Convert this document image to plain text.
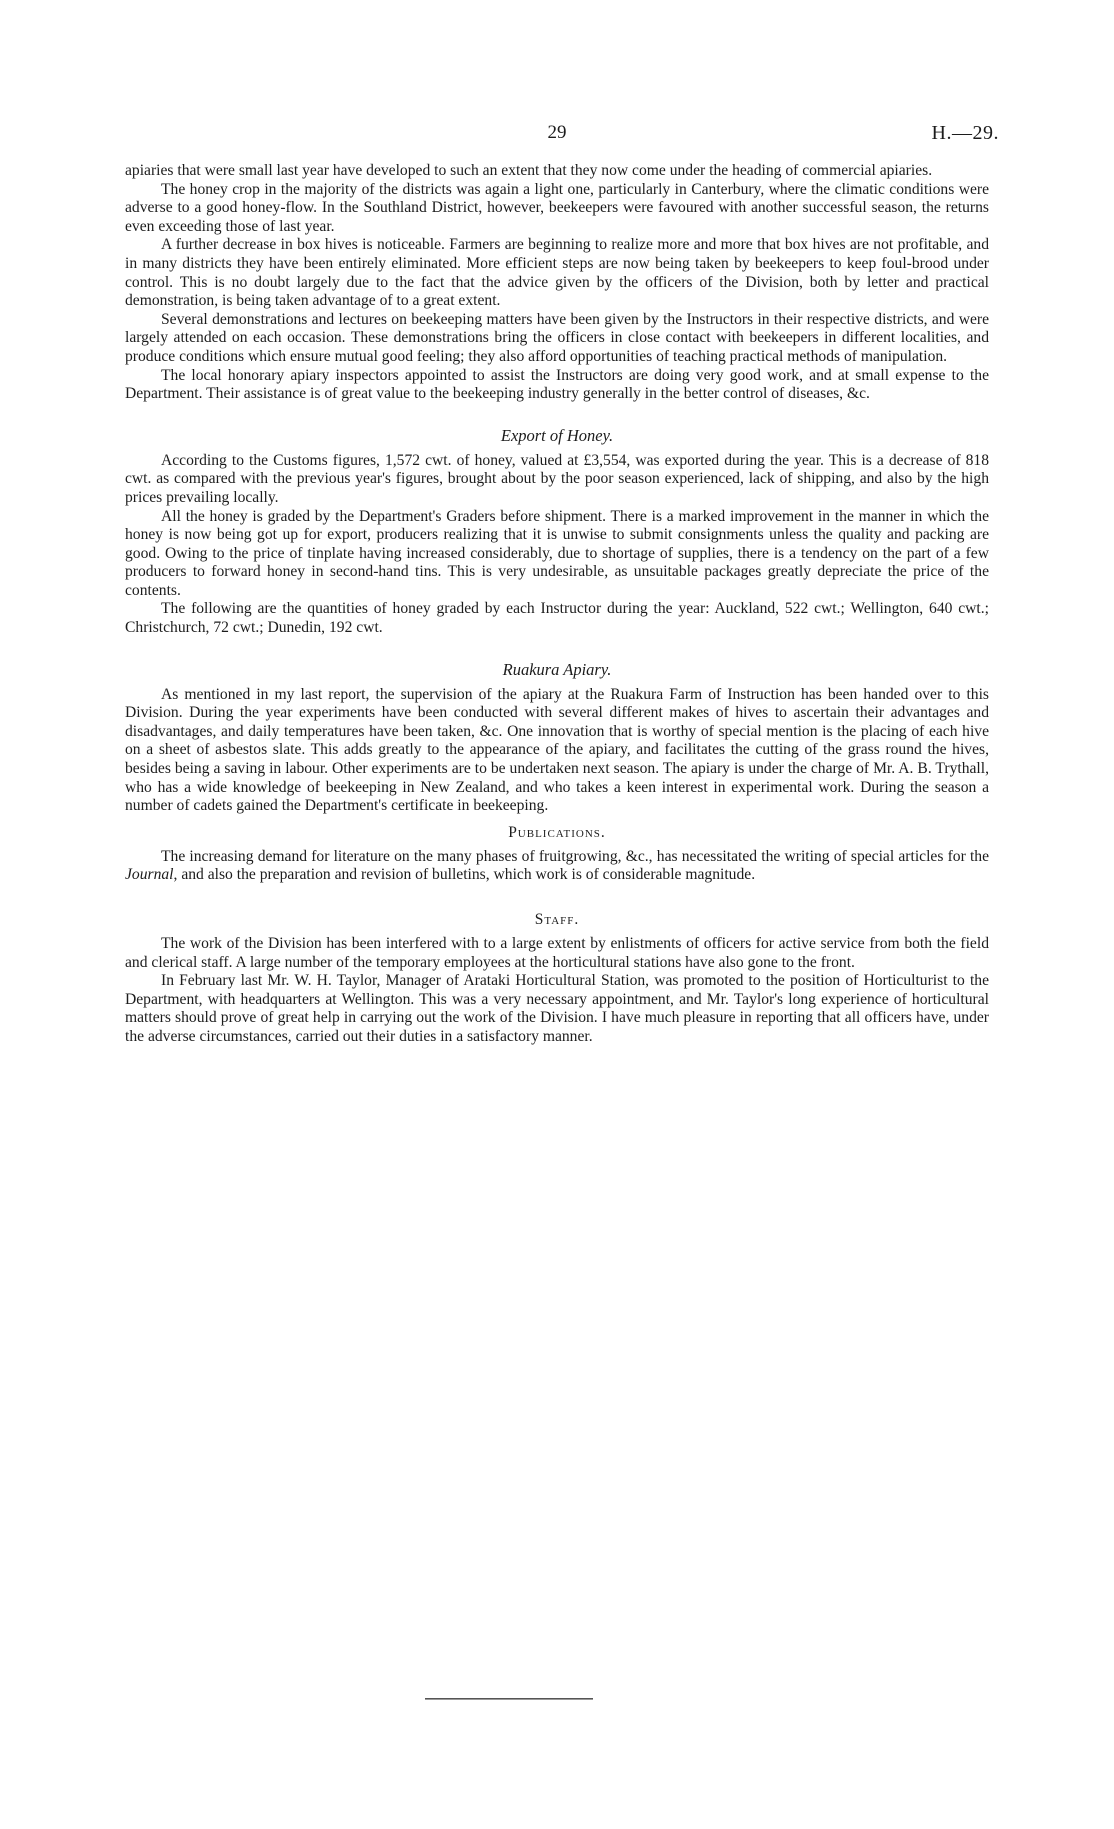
29	H.—29.

apiaries that were small last year have developed to such an extent that they now come under the heading of commercial apiaries.

The honey crop in the majority of the districts was again a light one, particularly in Canterbury, where the climatic conditions were adverse to a good honey-flow. In the Southland District, however, beekeepers were favoured with another successful season, the returns even exceeding those of last year.

A further decrease in box hives is noticeable. Farmers are beginning to realize more and more that box hives are not profitable, and in many districts they have been entirely eliminated. More efficient steps are now being taken by beekeepers to keep foul-brood under control. This is no doubt largely due to the fact that the advice given by the officers of the Division, both by letter and practical demonstration, is being taken advantage of to a great extent.

Several demonstrations and lectures on beekeeping matters have been given by the Instructors in their respective districts, and were largely attended on each occasion. These demonstrations bring the officers in close contact with beekeepers in different localities, and produce conditions which ensure mutual good feeling; they also afford opportunities of teaching practical methods of manipulation.

The local honorary apiary inspectors appointed to assist the Instructors are doing very good work, and at small expense to the Department. Their assistance is of great value to the beekeeping industry generally in the better control of diseases, &c.

Export of Honey.

According to the Customs figures, 1,572 cwt. of honey, valued at £3,554, was exported during the year. This is a decrease of 818 cwt. as compared with the previous year's figures, brought about by the poor season experienced, lack of shipping, and also by the high prices prevailing locally.

All the honey is graded by the Department's Graders before shipment. There is a marked improvement in the manner in which the honey is now being got up for export, producers realizing that it is unwise to submit consignments unless the quality and packing are good. Owing to the price of tinplate having increased considerably, due to shortage of supplies, there is a tendency on the part of a few producers to forward honey in second-hand tins. This is very undesirable, as unsuitable packages greatly depreciate the price of the contents.

The following are the quantities of honey graded by each Instructor during the year: Auckland, 522 cwt.; Wellington, 640 cwt.; Christchurch, 72 cwt.; Dunedin, 192 cwt.

Ruakura Apiary.

As mentioned in my last report, the supervision of the apiary at the Ruakura Farm of Instruction has been handed over to this Division. During the year experiments have been conducted with several different makes of hives to ascertain their advantages and disadvantages, and daily temperatures have been taken, &c. One innovation that is worthy of special mention is the placing of each hive on a sheet of asbestos slate. This adds greatly to the appearance of the apiary, and facilitates the cutting of the grass round the hives, besides being a saving in labour. Other experiments are to be undertaken next season. The apiary is under the charge of Mr. A. B. Trythall, who has a wide knowledge of beekeeping in New Zealand, and who takes a keen interest in experimental work. During the season a number of cadets gained the Department's certificate in beekeeping.

Publications.

The increasing demand for literature on the many phases of fruitgrowing, &c., has necessitated the writing of special articles for the Journal, and also the preparation and revision of bulletins, which work is of considerable magnitude.

Staff.

The work of the Division has been interfered with to a large extent by enlistments of officers for active service from both the field and clerical staff. A large number of the temporary employees at the horticultural stations have also gone to the front.

In February last Mr. W. H. Taylor, Manager of Arataki Horticultural Station, was promoted to the position of Horticulturist to the Department, with headquarters at Wellington. This was a very necessary appointment, and Mr. Taylor's long experience of horticultural matters should prove of great help in carrying out the work of the Division. I have much pleasure in reporting that all officers have, under the adverse circumstances, carried out their duties in a satisfactory manner.
